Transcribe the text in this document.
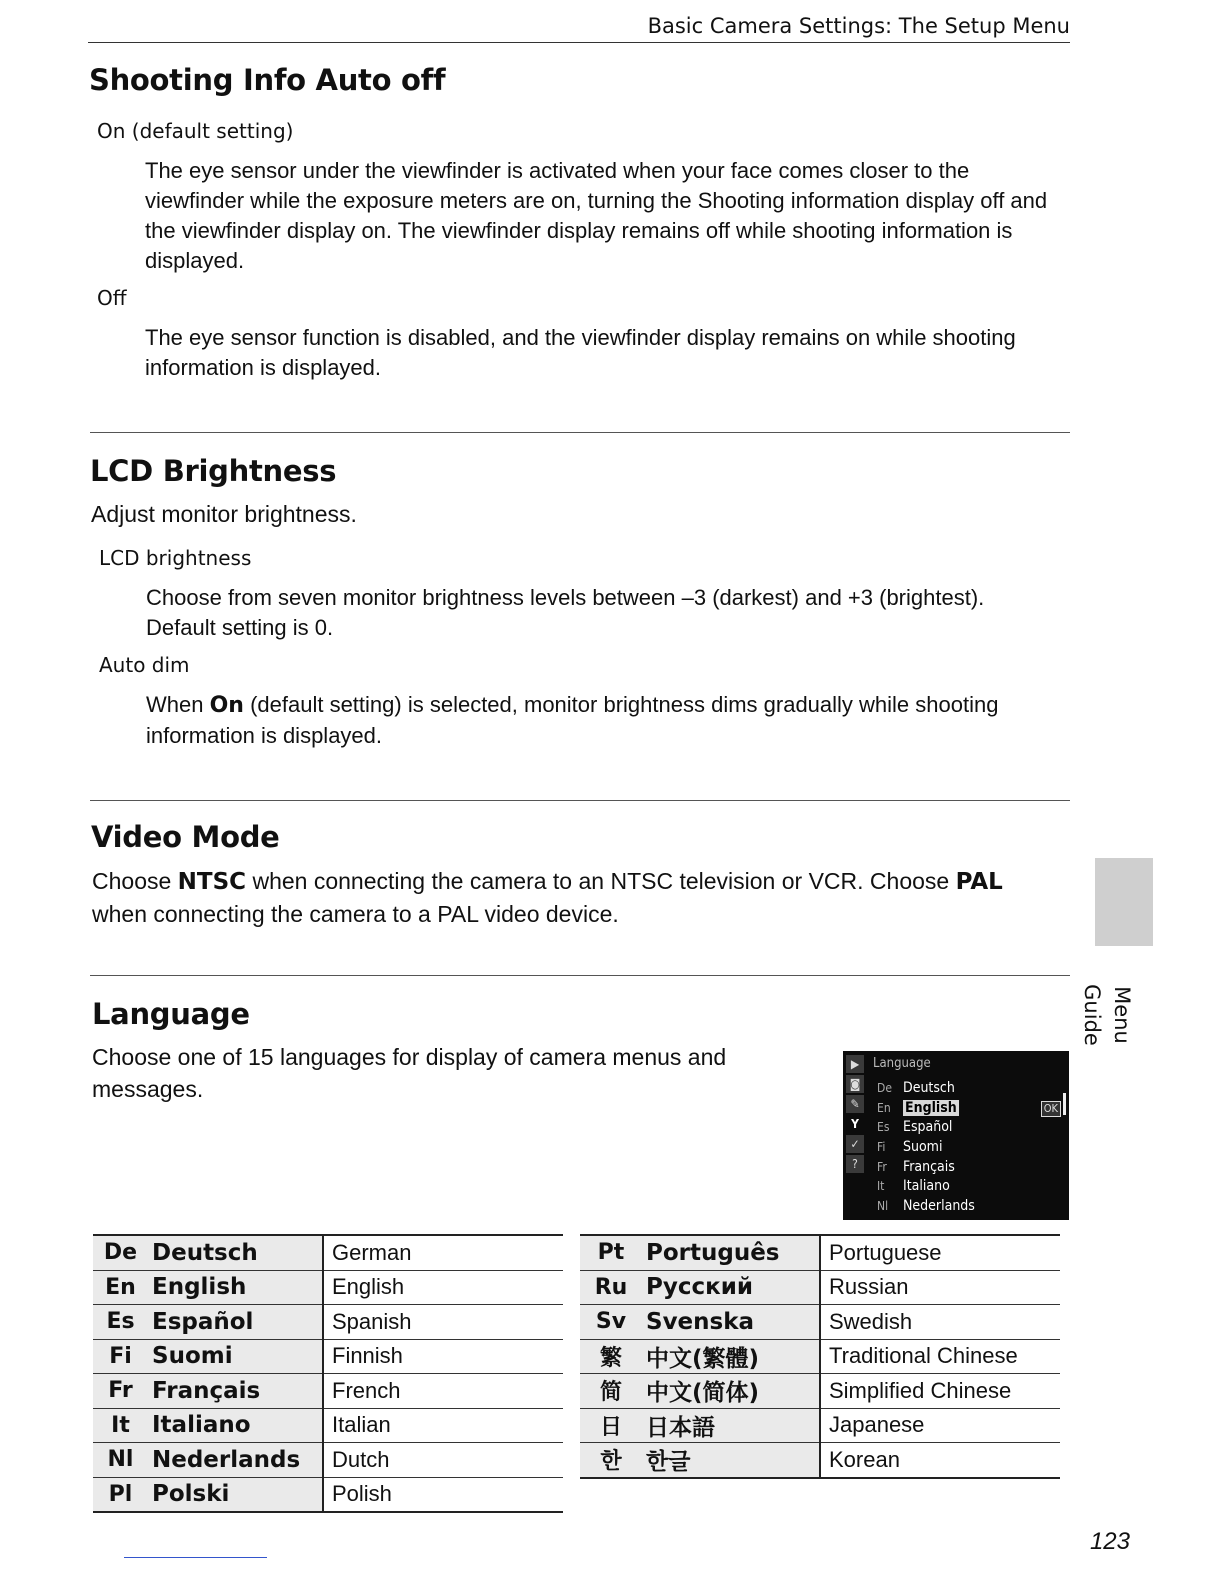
Basic Camera Settings: The Setup Menu
Shooting Info Auto off

On (default setting)

The eye sensor under the viewfinder is activated when your face comes closer to the viewfinder while the exposure meters are on, turning the Shooting information display off and the viewfinder display on. The viewfinder display remains off while shooting information is displayed.

Off

The eye sensor function is disabled, and the viewfinder display remains on while shooting information is displayed.

LCD Brightness

Adjust monitor brightness.

LCD brightness

Choose from seven monitor brightness levels between –3 (darkest) and +3 (brightest). Default setting is 0.

Auto dim

When On (default setting) is selected, monitor brightness dims gradually while shooting information is displayed.

Video Mode

Choose NTSC when connecting the camera to an NTSC television or VCR. Choose PAL when connecting the camera to a PAL video device.

Language

Choose one of 15 languages for display of camera menus and messages.

▶
◙
✎
Y
✓
?
Language
De Deutsch
En English	OK
Es Español
Fi Suomi
Fr Français
It Italiano
Nl Nederlands
Menu Guide
De	Deutsch	German
En	English	English
Es	Español	Spanish
Fi	Suomi	Finnish
Fr	Français	French
It	Italiano	Italian
Nl	Nederlands	Dutch
Pl	Polski	Polish
Pt	Português	Portuguese
Ru	Русский	Russian
Sv	Svenska	Swedish
繁	中文(繁體)	Traditional Chinese
简	中文(简体)	Simplified Chinese
日	日本語	Japanese
한	한글	Korean
123
